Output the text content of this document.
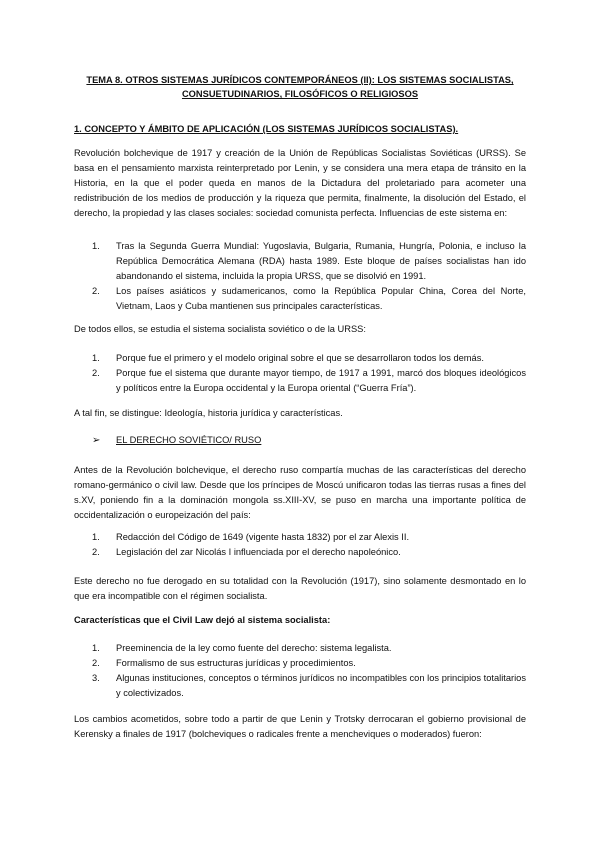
TEMA 8. OTROS SISTEMAS JURÍDICOS CONTEMPORÁNEOS (II): LOS SISTEMAS SOCIALISTAS,
CONSUETUDINARIOS, FILOSÓFICOS O RELIGIOSOS
1. CONCEPTO Y ÁMBITO DE APLICACIÓN (LOS SISTEMAS JURÍDICOS SOCIALISTAS).

Revolución bolchevique de 1917 y creación de la Unión de Repúblicas Socialistas Soviéticas (URSS). Se basa en el pensamiento marxista reinterpretado por Lenin, y se considera una mera etapa de tránsito en la Historia, en la que el poder queda en manos de la Dictadura del proletariado para acometer una redistribución de los medios de producción y la riqueza que permita, finalmente, la disolución del Estado, el derecho, la propiedad y las clases sociales: sociedad comunista perfecta. Influencias de este sistema en:

1. Tras la Segunda Guerra Mundial: Yugoslavia, Bulgaria, Rumania, Hungría, Polonia, e incluso la República Democrática Alemana (RDA) hasta 1989. Este bloque de países socialistas han ido abandonando el sistema, incluida la propia URSS, que se disolvió en 1991.
2. Los países asiáticos y sudamericanos, como la República Popular China, Corea del Norte, Vietnam, Laos y Cuba mantienen sus principales características.

De todos ellos, se estudia el sistema socialista soviético o de la URSS:

1. Porque fue el primero y el modelo original sobre el que se desarrollaron todos los demás.
2. Porque fue el sistema que durante mayor tiempo, de 1917 a 1991, marcó dos bloques ideológicos y políticos entre la Europa occidental y la Europa oriental (“Guerra Fría”).

A tal fin, se distingue: Ideología, historia jurídica y características.

➢	EL DERECHO SOVIÉTICO/ RUSO

Antes de la Revolución bolchevique, el derecho ruso compartía muchas de las características del derecho romano-germánico o civil law. Desde que los príncipes de Moscú unificaron todas las tierras rusas a fines del s.XV, poniendo fin a la dominación mongola ss.XIII-XV, se puso en marcha una importante política de occidentalización o europeización del país:

1. Redacción del Código de 1649 (vigente hasta 1832) por el zar Alexis II.
2. Legislación del zar Nicolás I influenciada por el derecho napoleónico.

Este derecho no fue derogado en su totalidad con la Revolución (1917), sino solamente desmontado en lo que era incompatible con el régimen socialista.

Características que el Civil Law dejó al sistema socialista:
1. Preeminencia de la ley como fuente del derecho: sistema legalista.
2. Formalismo de sus estructuras jurídicas y procedimientos.
3. Algunas instituciones, conceptos o términos jurídicos no incompatibles con los principios totalitarios y colectivizados.

Los cambios acometidos, sobre todo a partir de que Lenin y Trotsky derrocaran el gobierno provisional de Kerensky a finales de 1917 (bolcheviques o radicales frente a mencheviques o moderados) fueron:
